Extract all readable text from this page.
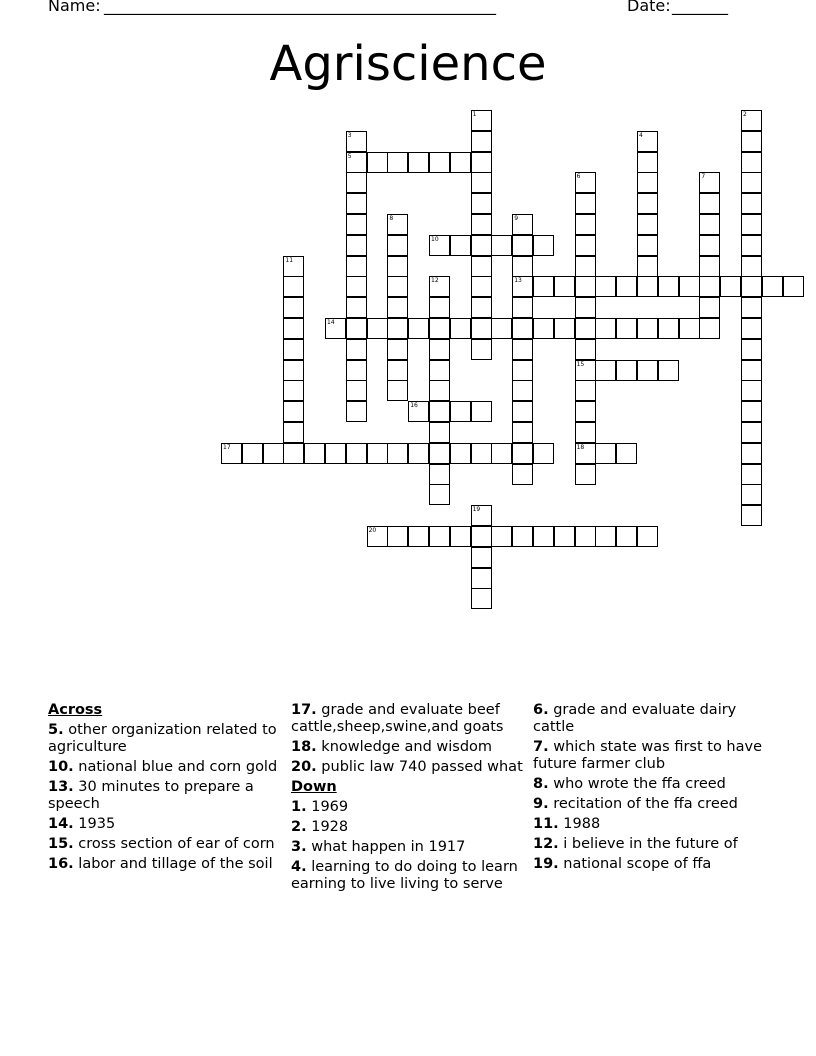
Name: _________________________________________________	Date: _______
Agriscience
5
10
13
14
15
16
17	18
20
1	2
3	4
6	7
8	9
11
12
19
Across
5. other organization related to agriculture
10. national blue and corn gold
13. 30 minutes to prepare a speech
14. 1935
15. cross section of ear of corn
16. labor and tillage of the soil
17. grade and evaluate beef cattle,sheep,swine,and goats
18. knowledge and wisdom
20. public law 740 passed what
Down
1. 1969
2. 1928
3. what happen in 1917
4. learning to do doing to learn earning to live living to serve
6. grade and evaluate dairy cattle
7. which state was first to have future farmer club
8. who wrote the ffa creed
9. recitation of the ffa creed
11. 1988
12. i believe in the future of
19. national scope of ffa
